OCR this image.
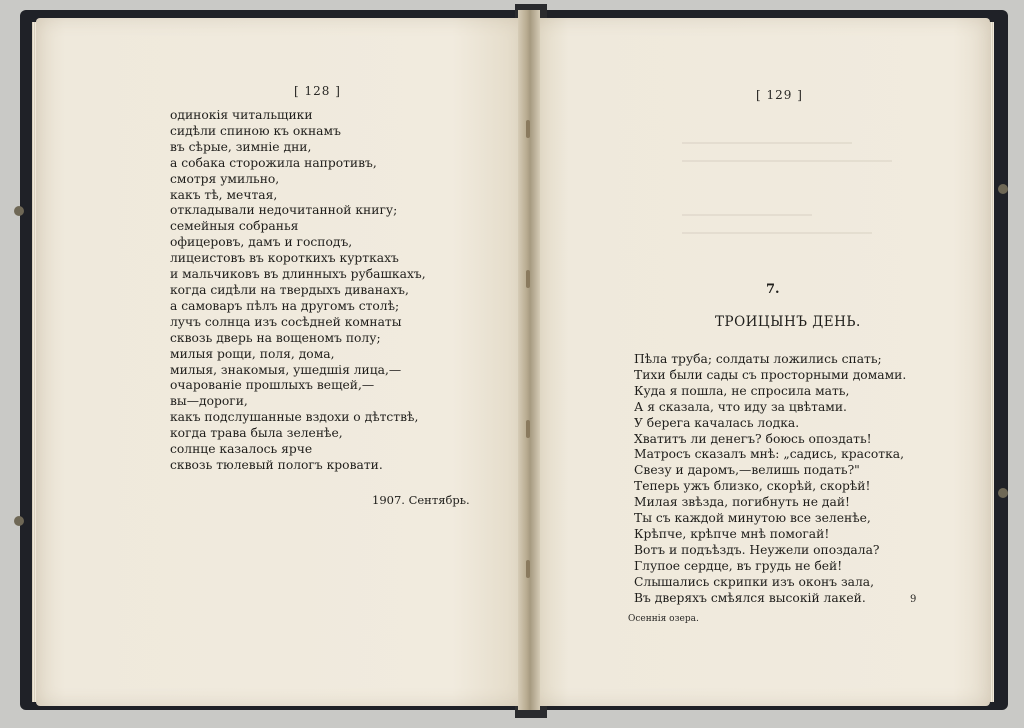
[ 128 ]
одинокія читальщики
сидѣли спиною къ окнамъ
въ сѣрые, зимніе дни,
а собака сторожила напротивъ,
смотря умильно,
какъ тѣ, мечтая,
откладывали недочитанной книгу;
семейныя собранья
офицеровъ, дамъ и господъ,
лицеистовъ въ короткихъ курткахъ
и мальчиковъ въ длинныхъ рубашкахъ,
когда сидѣли на твердыхъ диванахъ,
а самоваръ пѣлъ на другомъ столѣ;
лучъ солнца изъ сосѣдней комнаты
сквозь дверь на вощеномъ полу;
милыя рощи, поля, дома,
милыя, знакомыя, ушедшія лица,—
очарованіе прошлыхъ вещей,—
вы—дороги,
какъ подслушанные вздохи о дѣтствѣ,
когда трава была зеленѣе,
солнце казалось ярче
сквозь тюлевый пологъ кровати.
1907. Сентябрь.
[ 129 ]
7.
ТРОИЦЫНЪ ДЕНЬ.
Пѣла труба; солдаты ложились спать;
Тихи были сады съ просторными домами.
Куда я пошла, не спросила мать,
А я сказала, что иду за цвѣтами.
У берега качалась лодка.
Хватитъ ли денегъ? боюсь опоздать!
Матросъ сказалъ мнѣ: „садись, красотка,
Свезу и даромъ,—велишь подать?"
Теперь ужъ близко, скорѣй, скорѣй!
Милая звѣзда, погибнуть не дай!
Ты съ каждой минутою все зеленѣе,
Крѣпче, крѣпче мнѣ помогай!
Вотъ и подъѣздъ. Неужели опоздала?
Глупое сердце, въ грудь не бей!
Слышались скрипки изъ оконъ зала,
Въ дверяхъ смѣялся высокій лакей.
Осеннія озера.
9
